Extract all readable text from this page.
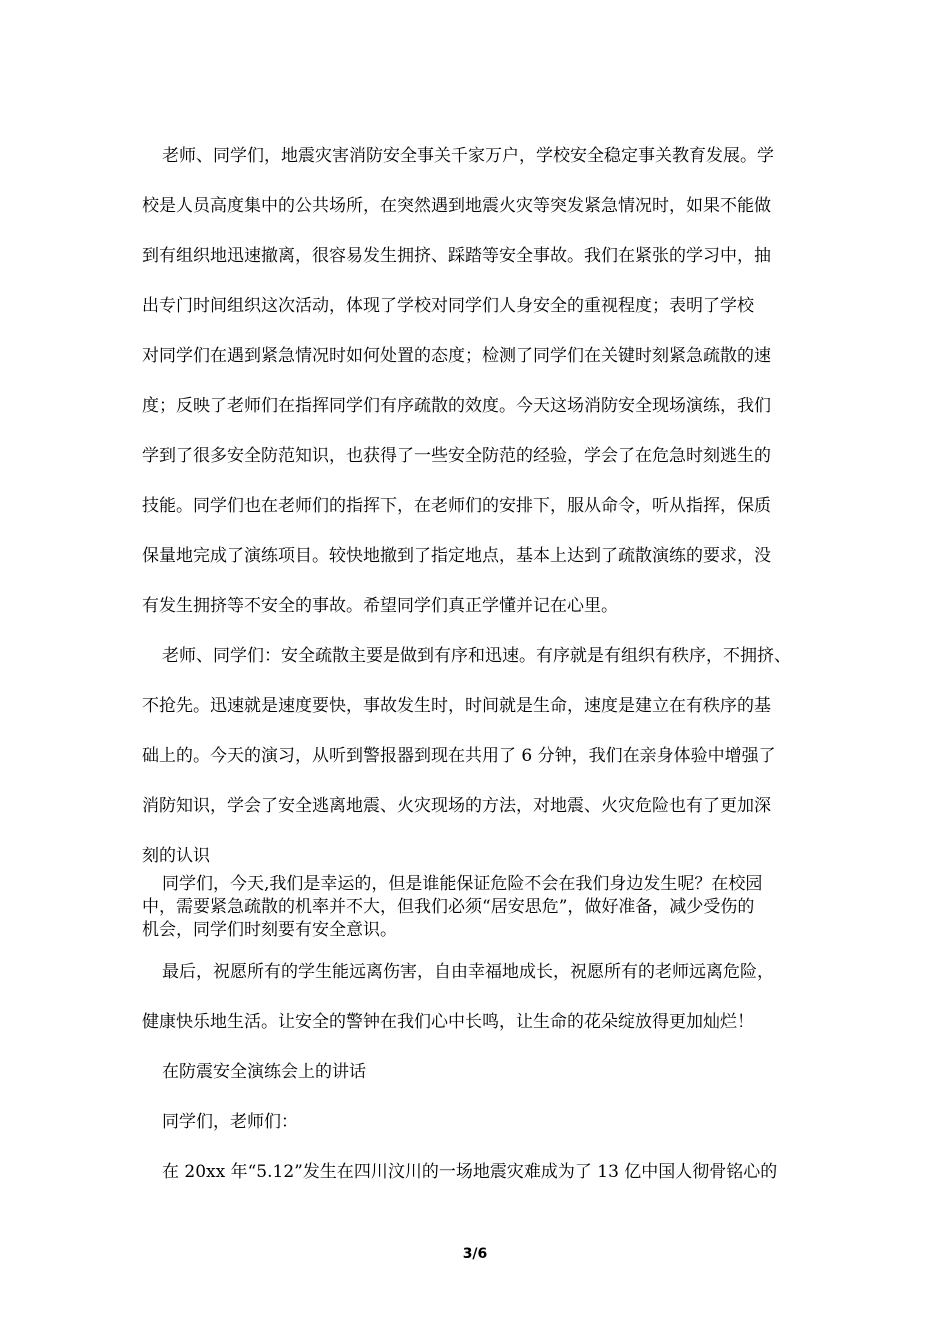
老师、同学们，地震灾害消防安全事关千家万户，学校安全稳定事关教育发展。学

校是人员高度集中的公共场所，在突然遇到地震火灾等突发紧急情况时，如果不能做

到有组织地迅速撤离，很容易发生拥挤、踩踏等安全事故。我们在紧张的学习中，抽

出专门时间组织这次活动，体现了学校对同学们人身安全的重视程度；表明了学校

对同学们在遇到紧急情况时如何处置的态度；检测了同学们在关键时刻紧急疏散的速

度；反映了老师们在指挥同学们有序疏散的效度。今天这场消防安全现场演练，我们

学到了很多安全防范知识，也获得了一些安全防范的经验，学会了在危急时刻逃生的

技能。同学们也在老师们的指挥下，在老师们的安排下，服从命令，听从指挥，保质

保量地完成了演练项目。较快地撤到了指定地点，基本上达到了疏散演练的要求，没

有发生拥挤等不安全的事故。希望同学们真正学懂并记在心里。

老师、同学们：安全疏散主要是做到有序和迅速。有序就是有组织有秩序，不拥挤、

不抢先。迅速就是速度要快，事故发生时，时间就是生命，速度是建立在有秩序的基

础上的。今天的演习，从听到警报器到现在共用了 6 分钟，我们在亲身体验中增强了

消防知识，学会了安全逃离地震、火灾现场的方法，对地震、火灾危险也有了更加深

刻的认识

同学们，今天,我们是幸运的，但是谁能保证危险不会在我们身边发生呢？在校园

中，需要紧急疏散的机率并不大，但我们必须“居安思危”，做好准备，减少受伤的

机会，同学们时刻要有安全意识。

最后，祝愿所有的学生能远离伤害，自由幸福地成长，祝愿所有的老师远离危险，

健康快乐地生活。让安全的警钟在我们心中长鸣，让生命的花朵绽放得更加灿烂！

在防震安全演练会上的讲话

同学们，老师们：

在 20xx 年“5.12”发生在四川汶川的一场地震灾难成为了 13 亿中国人彻骨铭心的

3/6
